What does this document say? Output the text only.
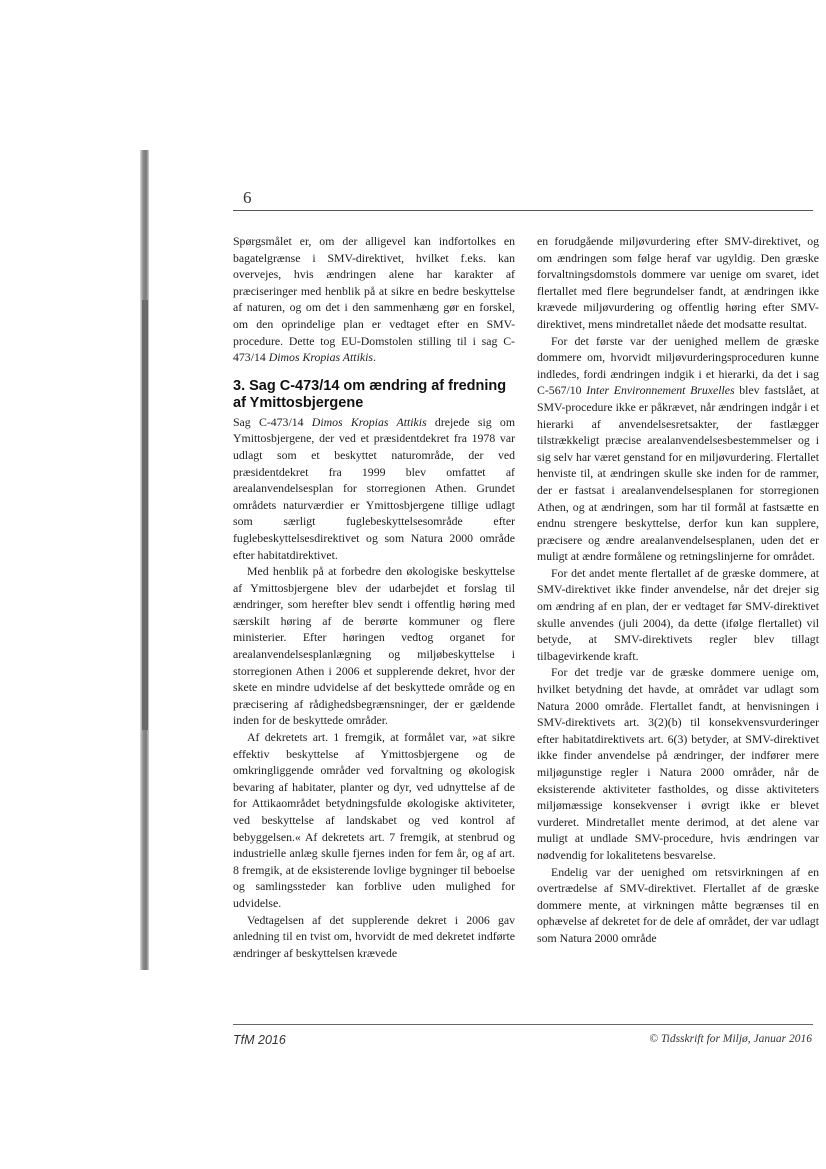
6

Spørgsmålet er, om der alligevel kan indfortolkes en bagatelgrænse i SMV-direktivet, hvilket f.eks. kan overvejes, hvis ændringen alene har karakter af præciseringer med henblik på at sikre en bedre beskyttelse af naturen, og om det i den sammenhæng gør en forskel, om den oprindelige plan er vedtaget efter en SMV-procedure. Dette tog EU-Domstolen stilling til i sag C-473/14 Dimos Kropias Attikis.

3. Sag C-473/14 om ændring af fredning af Ymittosbjergene

Sag C-473/14 Dimos Kropias Attikis drejede sig om Ymittosbjergene, der ved et præsidentdekret fra 1978 var udlagt som et beskyttet naturområde, der ved præsidentdekret fra 1999 blev omfattet af arealanvendelsesplan for storregionen Athen. Grundet områdets naturværdier er Ymittosbjergene tillige udlagt som særligt fuglebeskyttelsesområde efter fuglebeskyttelsesdirektivet og som Natura 2000 område efter habitatdirektivet.

Med henblik på at forbedre den økologiske beskyttelse af Ymittosbjergene blev der udarbejdet et forslag til ændringer, som herefter blev sendt i offentlig høring med særskilt høring af de berørte kommuner og flere ministerier. Efter høringen vedtog organet for arealanvendelsesplanlægning og miljøbeskyttelse i storregionen Athen i 2006 et supplerende dekret, hvor der skete en mindre udvidelse af det beskyttede område og en præcisering af rådighedsbegrænsninger, der er gældende inden for de beskyttede områder.

Af dekretets art. 1 fremgik, at formålet var, »at sikre effektiv beskyttelse af Ymittosbjergene og de omkringliggende områder ved forvaltning og økologisk bevaring af habitater, planter og dyr, ved udnyttelse af de for Attikaområdet betydningsfulde økologiske aktiviteter, ved beskyttelse af landskabet og ved kontrol af bebyggelsen.« Af dekretets art. 7 fremgik, at stenbrud og industrielle anlæg skulle fjernes inden for fem år, og af art. 8 fremgik, at de eksisterende lovlige bygninger til beboelse og samlingssteder kan forblive uden mulighed for udvidelse.

Vedtagelsen af det supplerende dekret i 2006 gav anledning til en tvist om, hvorvidt de med dekretet indførte ændringer af beskyttelsen krævede

en forudgående miljøvurdering efter SMV-direktivet, og om ændringen som følge heraf var ugyldig. Den græske forvaltningsdomstols dommere var uenige om svaret, idet flertallet med flere begrundelser fandt, at ændringen ikke krævede miljøvurdering og offentlig høring efter SMV-direktivet, mens mindretallet nåede det modsatte resultat.

For det første var der uenighed mellem de græske dommere om, hvorvidt miljøvurderingsproceduren kunne indledes, fordi ændringen indgik i et hierarki, da det i sag C-567/10 Inter Environnement Bruxelles blev fastslået, at SMV-procedure ikke er påkrævet, når ændringen indgår i et hierarki af anvendelsesretsakter, der fastlægger tilstrækkeligt præcise arealanvendelsesbestemmelser og i sig selv har været genstand for en miljøvurdering. Flertallet henviste til, at ændringen skulle ske inden for de rammer, der er fastsat i arealanvendelsesplanen for storregionen Athen, og at ændringen, som har til formål at fastsætte en endnu strengere beskyttelse, derfor kun kan supplere, præcisere og ændre arealanvendelsesplanen, uden det er muligt at ændre formålene og retningslinjerne for området.

For det andet mente flertallet af de græske dommere, at SMV-direktivet ikke finder anvendelse, når det drejer sig om ændring af en plan, der er vedtaget før SMV-direktivet skulle anvendes (juli 2004), da dette (ifølge flertallet) vil betyde, at SMV-direktivets regler blev tillagt tilbagevirkende kraft.

For det tredje var de græske dommere uenige om, hvilket betydning det havde, at området var udlagt som Natura 2000 område. Flertallet fandt, at henvisningen i SMV-direktivets art. 3(2)(b) til konsekvensvurderinger efter habitatdirektivets art. 6(3) betyder, at SMV-direktivet ikke finder anvendelse på ændringer, der indfører mere miljøgunstige regler i Natura 2000 områder, når de eksisterende aktiviteter fastholdes, og disse aktiviteters miljømæssige konsekvenser i øvrigt ikke er blevet vurderet. Mindretallet mente derimod, at det alene var muligt at undlade SMV-procedure, hvis ændringen var nødvendig for lokalitetens besvarelse.

Endelig var der uenighed om retsvirkningen af en overtrædelse af SMV-direktivet. Flertallet af de græske dommere mente, at virkningen måtte begrænses til en ophævelse af dekretet for de dele af området, der var udlagt som Natura 2000 område

TfM 2016	© Tidsskrift for Miljø, Januar 2016
